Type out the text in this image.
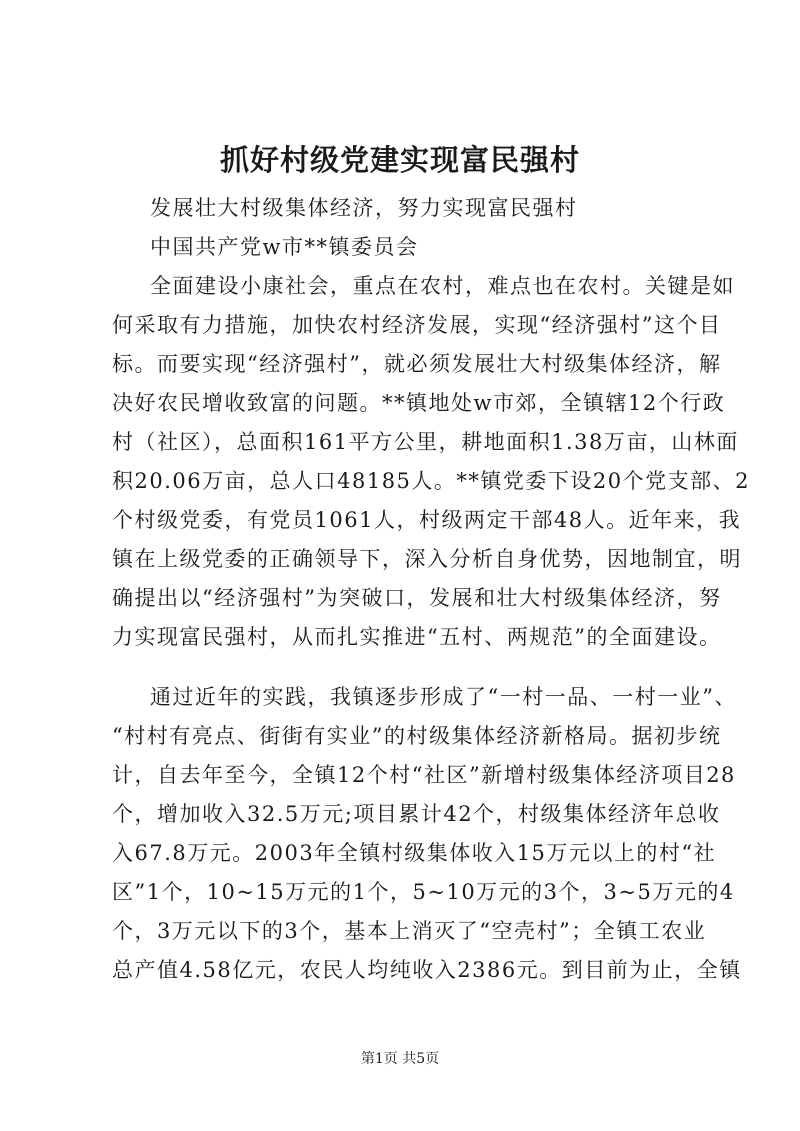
抓好村级党建实现富民强村
发展壮大村级集体经济，努力实现富民强村
中国共产党w市**镇委员会
全面建设小康社会，重点在农村，难点也在农村。关键是如
何采取有力措施，加快农村经济发展，实现“经济强村”这个目
标。而要实现“经济强村”，就必须发展壮大村级集体经济，解
决好农民增收致富的问题。**镇地处w市郊，全镇辖12个行政
村（社区），总面积161平方公里，耕地面积1.38万亩，山林面
积20.06万亩，总人口48185人。**镇党委下设20个党支部、2
个村级党委，有党员1061人，村级两定干部48人。近年来，我
镇在上级党委的正确领导下，深入分析自身优势，因地制宜，明
确提出以“经济强村”为突破口，发展和壮大村级集体经济，努
力实现富民强村，从而扎实推进“五村、两规范”的全面建设。
通过近年的实践，我镇逐步形成了“一村一品、一村一业”、
“村村有亮点、街街有实业”的村级集体经济新格局。据初步统
计，自去年至今，全镇12个村“社区”新增村级集体经济项目28
个，增加收入32.5万元;项目累计42个，村级集体经济年总收
入67.8万元。2003年全镇村级集体收入15万元以上的村“社
区”1个，10~15万元的1个，5~10万元的3个，3~5万元的4
个，3万元以下的3个，基本上消灭了“空壳村”；全镇工农业
总产值4.58亿元，农民人均纯收入2386元。到目前为止，全镇
第1页 共5页
